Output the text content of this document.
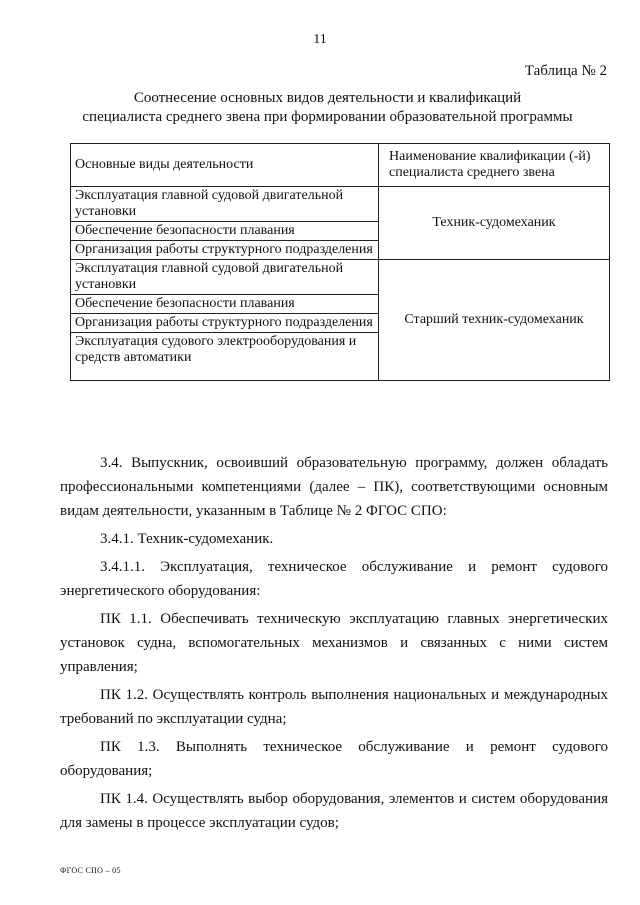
11
Таблица № 2
Соотнесение основных видов деятельности и квалификаций
специалиста среднего звена при формировании образовательной программы
Основные виды деятельности	Наименование квалификации (-й) специалиста среднего звена
Эксплуатация главной судовой двигательной установки	Техник-судомеханик
Обеспечение безопасности плавания	
Организация работы структурного подразделения	
Эксплуатация главной судовой двигательной установки	Старший техник-судомеханик
Обеспечение безопасности плавания	
Организация работы структурного подразделения	
Эксплуатация судового электрооборудования и средств автоматики	

3.4. Выпускник, освоивший образовательную программу, должен обладать профессиональными компетенциями (далее – ПК), соответствующими основным видам деятельности, указанным в Таблице № 2 ФГОС СПО:

3.4.1. Техник-судомеханик.

3.4.1.1. Эксплуатация, техническое обслуживание и ремонт судового энергетического оборудования:

ПК 1.1. Обеспечивать техническую эксплуатацию главных энергетических установок судна, вспомогательных механизмов и связанных с ними систем управления;

ПК 1.2. Осуществлять контроль выполнения национальных и международных требований по эксплуатации судна;

ПК 1.3. Выполнять техническое обслуживание и ремонт судового оборудования;

ПК 1.4. Осуществлять выбор оборудования, элементов и систем оборудования для замены в процессе эксплуатации судов;

ФГОС СПО – 05
